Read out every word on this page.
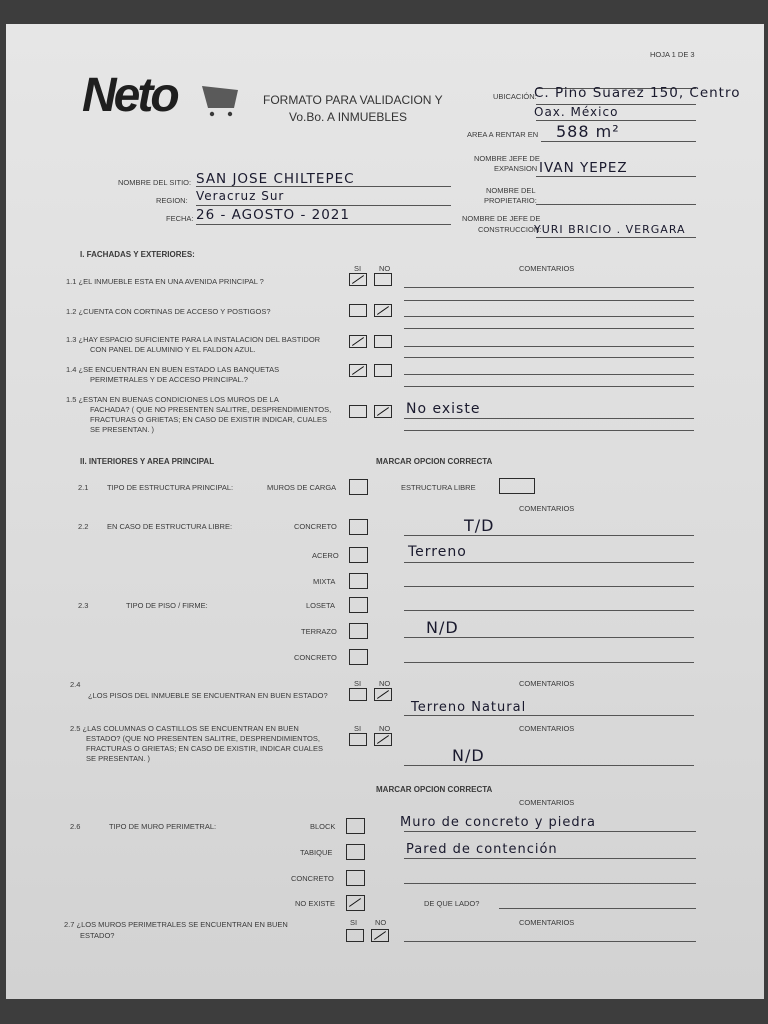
HOJA 1 DE 3
Neto	FORMATO PARA VALIDACION Y
Vo.Bo. A INMUEBLES
UBICACIÓN:
C. Pino Suarez 150, Centro
Oax. México
AREA A RENTAR EN 588 m²
NOMBRE JEFE DE
EXPANSION IVAN YEPEZ
NOMBRE DEL
PROPIETARIO:
NOMBRE DE JEFE DE
CONSTRUCCION:
YURI BRICIO . VERGARA
NOMBRE DEL SITIO: SAN JOSE CHILTEPEC
REGION: Veracruz Sur
FECHA: 26 - AGOSTO - 2021
I. FACHADAS Y EXTERIORES:
SI NO	COMENTARIOS
1.1 ¿EL INMUEBLE ESTA EN UNA AVENIDA PRINCIPAL ?
1.2 ¿CUENTA CON CORTINAS DE ACCESO Y POSTIGOS?
1.3 ¿HAY ESPACIO SUFICIENTE PARA LA INSTALACION DEL BASTIDOR
CON PANEL DE ALUMINIO Y EL FALDON AZUL.
1.4 ¿SE ENCUENTRAN EN BUEN ESTADO LAS BANQUETAS
PERIMETRALES Y DE ACCESO PRINCIPAL.?
1.5 ¿ESTAN EN BUENAS CONDICIONES LOS MUROS DE LA
FACHADA? ( QUE NO PRESENTEN SALITRE, DESPRENDIMIENTOS,
FRACTURAS O GRIETAS; EN CASO DE EXISTIR INDICAR, CUALES
SE PRESENTAN. )
No existe
II. INTERIORES Y AREA PRINCIPAL	MARCAR OPCION CORRECTA
2.1 TIPO DE ESTRUCTURA PRINCIPAL:	MUROS DE CARGA	ESTRUCTURA LIBRE
COMENTARIOS
2.2 EN CASO DE ESTRUCTURA LIBRE:	CONCRETO	T/D
ACERO	Terreno
MIXTA
2.3	TIPO DE PISO / FIRME:	LOSETA
TERRAZO	N/D
CONCRETO
SI NO	COMENTARIOS
2.4
¿LOS PISOS DEL INMUEBLE SE ENCUENTRAN EN BUEN ESTADO?
Terreno Natural
SI NO	COMENTARIOS
2.5 ¿LAS COLUMNAS O CASTILLOS SE ENCUENTRAN EN BUEN
ESTADO? (QUE NO PRESENTEN SALITRE, DESPRENDIMIENTOS,
FRACTURAS O GRIETAS; EN CASO DE EXISTIR, INDICAR CUALES
SE PRESENTAN. )	N/D
MARCAR OPCION CORRECTA
COMENTARIOS
2.6	TIPO DE MURO PERIMETRAL:	BLOCK	Muro de concreto y piedra
TABIQUE	Pared de contención
CONCRETO
NO EXISTE	DE QUE LADO?
SI NO	COMENTARIOS
2.7 ¿LOS MUROS PERIMETRALES SE ENCUENTRAN EN BUEN
ESTADO?
